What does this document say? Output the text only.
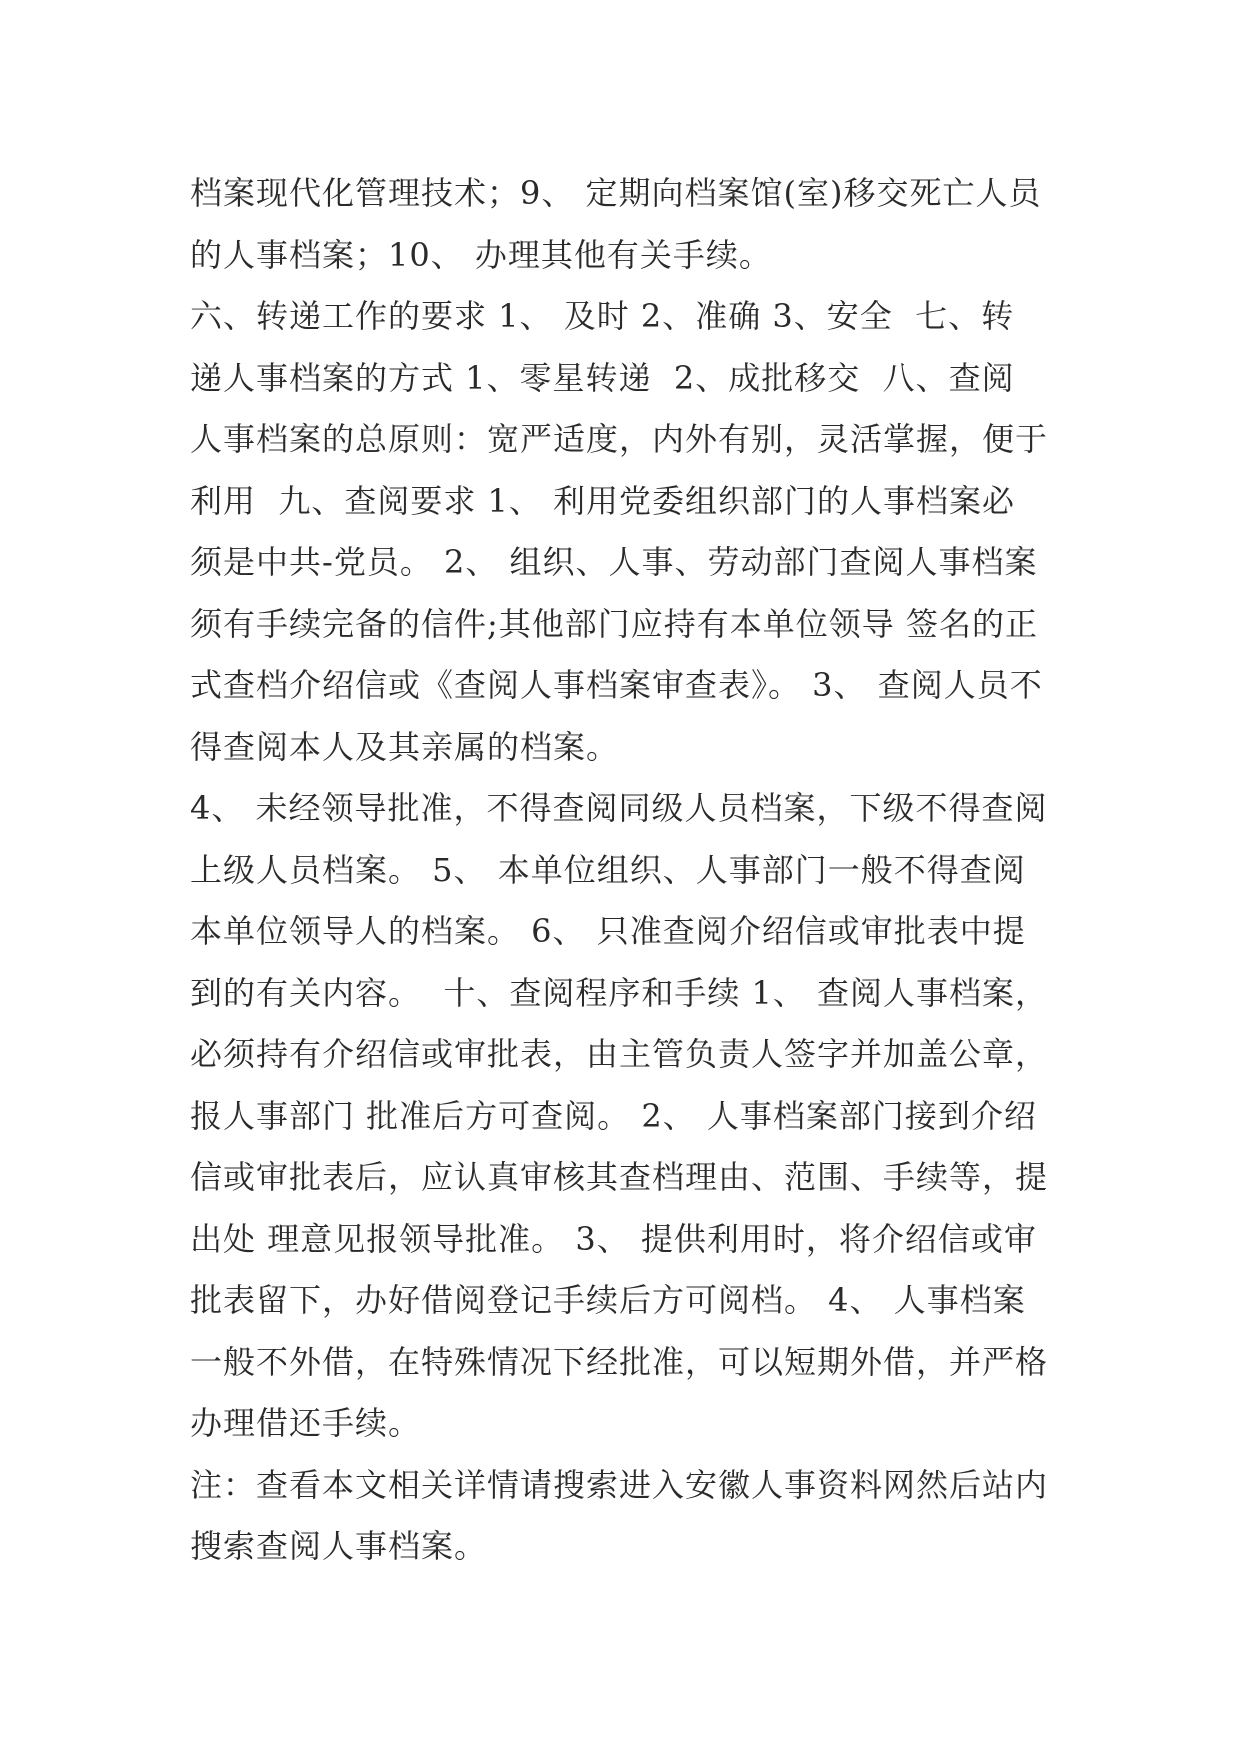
档案现代化管理技术；9、 定期向档案馆(室)移交死亡人员
的人事档案；10、 办理其他有关手续。
六、转递工作的要求 1、 及时 2、准确 3、安全  七、转
递人事档案的方式 1、零星转递  2、成批移交  八、查阅
人事档案的总原则：宽严适度，内外有别，灵活掌握，便于
利用  九、查阅要求 1、 利用党委组织部门的人事档案必
须是中共-党员。 2、 组织、人事、劳动部门查阅人事档案
须有手续完备的信件;其他部门应持有本单位领导 签名的正
式查档介绍信或《查阅人事档案审查表》。 3、 查阅人员不
得查阅本人及其亲属的档案。
4、 未经领导批准，不得查阅同级人员档案，下级不得查阅
上级人员档案。 5、 本单位组织、人事部门一般不得查阅
本单位领导人的档案。 6、 只准查阅介绍信或审批表中提
到的有关内容。  十、查阅程序和手续 1、 查阅人事档案，
必须持有介绍信或审批表，由主管负责人签字并加盖公章，
报人事部门 批准后方可查阅。 2、 人事档案部门接到介绍
信或审批表后，应认真审核其查档理由、范围、手续等，提
出处 理意见报领导批准。 3、 提供利用时，将介绍信或审
批表留下，办好借阅登记手续后方可阅档。 4、 人事档案
一般不外借，在特殊情况下经批准，可以短期外借，并严格
办理借还手续。
注：查看本文相关详情请搜索进入安徽人事资料网然后站内
搜索查阅人事档案。
